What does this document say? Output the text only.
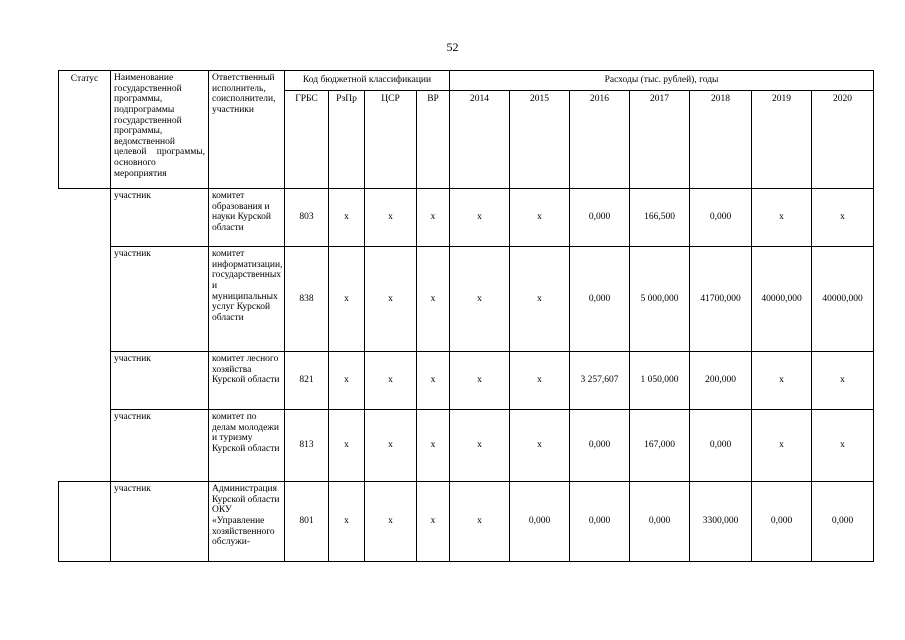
52
Статус	Наименование государственной программы, подпрограммы государственной программы, ведомственной целевой программы, основного мероприятия	Ответственный исполнитель, соисполнители, участники	Код бюджетной классификации				Расходы (тыс. рублей), годы						
			ГРБС	РзПр	ЦСР	ВР	2014	2015	2016	2017	2018	2019	2020
	участник	комитет образования и науки Курской области	803	х	х	х	х	х	0,000	166,500	0,000	х	х
	участник	комитет информатизации, государственных и муниципальных услуг Курской области	838	х	х	х	х	х	0,000	5 000,000	41700,000	40000,000	40000,000
	участник	комитет лесного хозяйства Курской области	821	х	х	х	х	х	3 257,607	1 050,000	200,000	х	х
	участник	комитет по делам молодежи и туризму Курской области	813	х	х	х	х	х	0,000	167,000	0,000	х	х
	участник	Администрация Курской области ОКУ «Управление хозяйственного обслужи-	801	х	х	х	х	0,000	0,000	0,000	3300,000	0,000	0,000
